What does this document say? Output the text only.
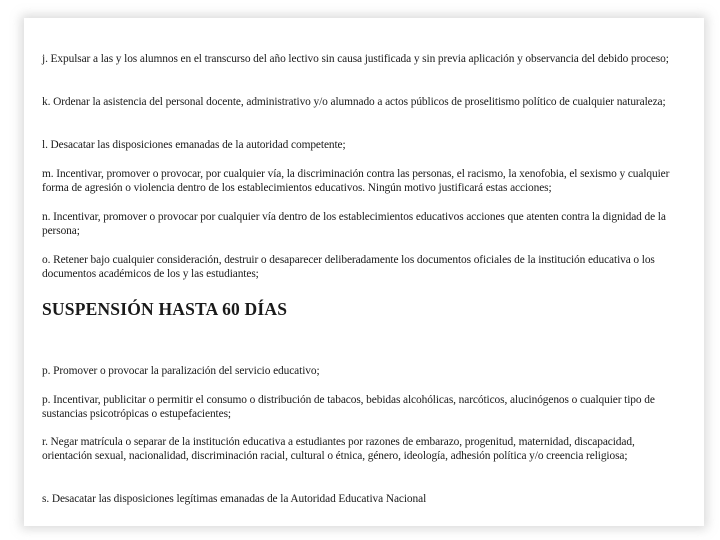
j. Expulsar a las y los alumnos en el transcurso del año lectivo sin causa justificada y sin previa aplicación y observancia del debido proceso;

k. Ordenar la asistencia del personal docente, administrativo y/o alumnado a actos públicos de proselitismo político de cualquier naturaleza;

l. Desacatar las disposiciones emanadas de la autoridad competente;

m. Incentivar, promover o provocar, por cualquier vía, la discriminación contra las personas, el racismo, la xenofobia, el sexismo y cualquier forma de agresión o violencia dentro de los establecimientos educativos. Ningún motivo justificará estas acciones;

n. Incentivar, promover o provocar por cualquier vía dentro de los establecimientos educativos acciones que atenten contra la dignidad de la persona;

o. Retener bajo cualquier consideración, destruir o desaparecer deliberadamente los documentos oficiales de la institución educativa o los documentos académicos de los y las estudiantes;

SUSPENSIÓN HASTA 60 DÍAS

p. Promover o provocar la paralización del servicio educativo;

p. Incentivar, publicitar o permitir el consumo o distribución de tabacos, bebidas alcohólicas, narcóticos, alucinógenos o cualquier tipo de sustancias psicotrópicas o estupefacientes;

r. Negar matrícula o separar de la institución educativa a estudiantes por razones de embarazo, progenitud, maternidad, discapacidad, orientación sexual, nacionalidad, discriminación racial, cultural o étnica, género, ideología, adhesión política y/o creencia religiosa;

s. Desacatar las disposiciones legítimas emanadas de la Autoridad Educativa Nacional
